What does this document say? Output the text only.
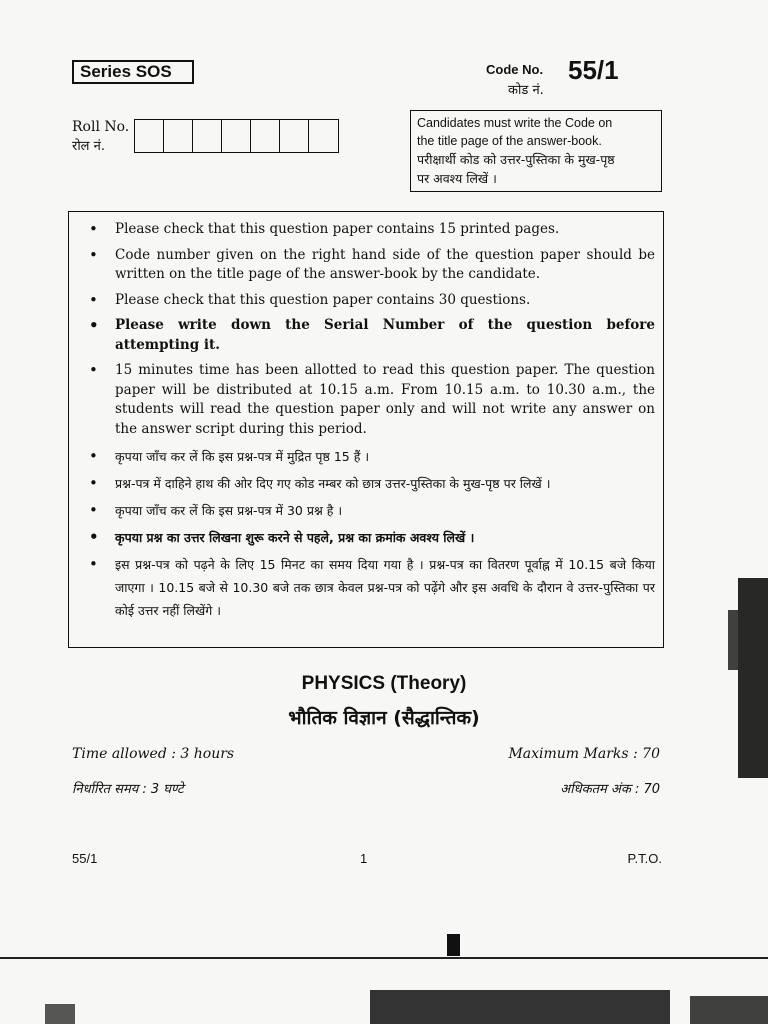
Series SOS	Code No. 55/1
कोड नं.
Roll No.
रोल नं.
Candidates must write the Code on
the title page of the answer-book.
परीक्षार्थी कोड को उत्तर-पुस्तिका के मुख-पृष्ठ
पर अवश्य लिखें ।
• Please check that this question paper contains 15 printed pages.
• Code number given on the right hand side of the question paper should be written on the title page of the answer-book by the candidate.
• Please check that this question paper contains 30 questions.
• Please write down the Serial Number of the question before attempting it.
• 15 minutes time has been allotted to read this question paper. The question paper will be distributed at 10.15 a.m. From 10.15 a.m. to 10.30 a.m., the students will read the question paper only and will not write any answer on the answer script during this period.
• कृपया जाँच कर लें कि इस प्रश्न-पत्र में मुद्रित पृष्ठ 15 हैं ।
• प्रश्न-पत्र में दाहिने हाथ की ओर दिए गए कोड नम्बर को छात्र उत्तर-पुस्तिका के मुख-पृष्ठ पर लिखें ।
• कृपया जाँच कर लें कि इस प्रश्न-पत्र में 30 प्रश्न है ।
• कृपया प्रश्न का उत्तर लिखना शुरू करने से पहले, प्रश्न का क्रमांक अवश्य लिखें ।
• इस प्रश्न-पत्र को पढ़ने के लिए 15 मिनट का समय दिया गया है । प्रश्न-पत्र का वितरण पूर्वाह्न में 10.15 बजे किया जाएगा । 10.15 बजे से 10.30 बजे तक छात्र केवल प्रश्न-पत्र को पढ़ेंगे और इस अवधि के दौरान वे उत्तर-पुस्तिका पर कोई उत्तर नहीं लिखेंगे ।
PHYSICS (Theory)
भौतिक विज्ञान (सैद्धान्तिक)
Time allowed : 3 hours	Maximum Marks : 70
निर्धारित समय : 3 घण्टे	अधिकतम अंक : 70
55/1	1	P.T.O.
